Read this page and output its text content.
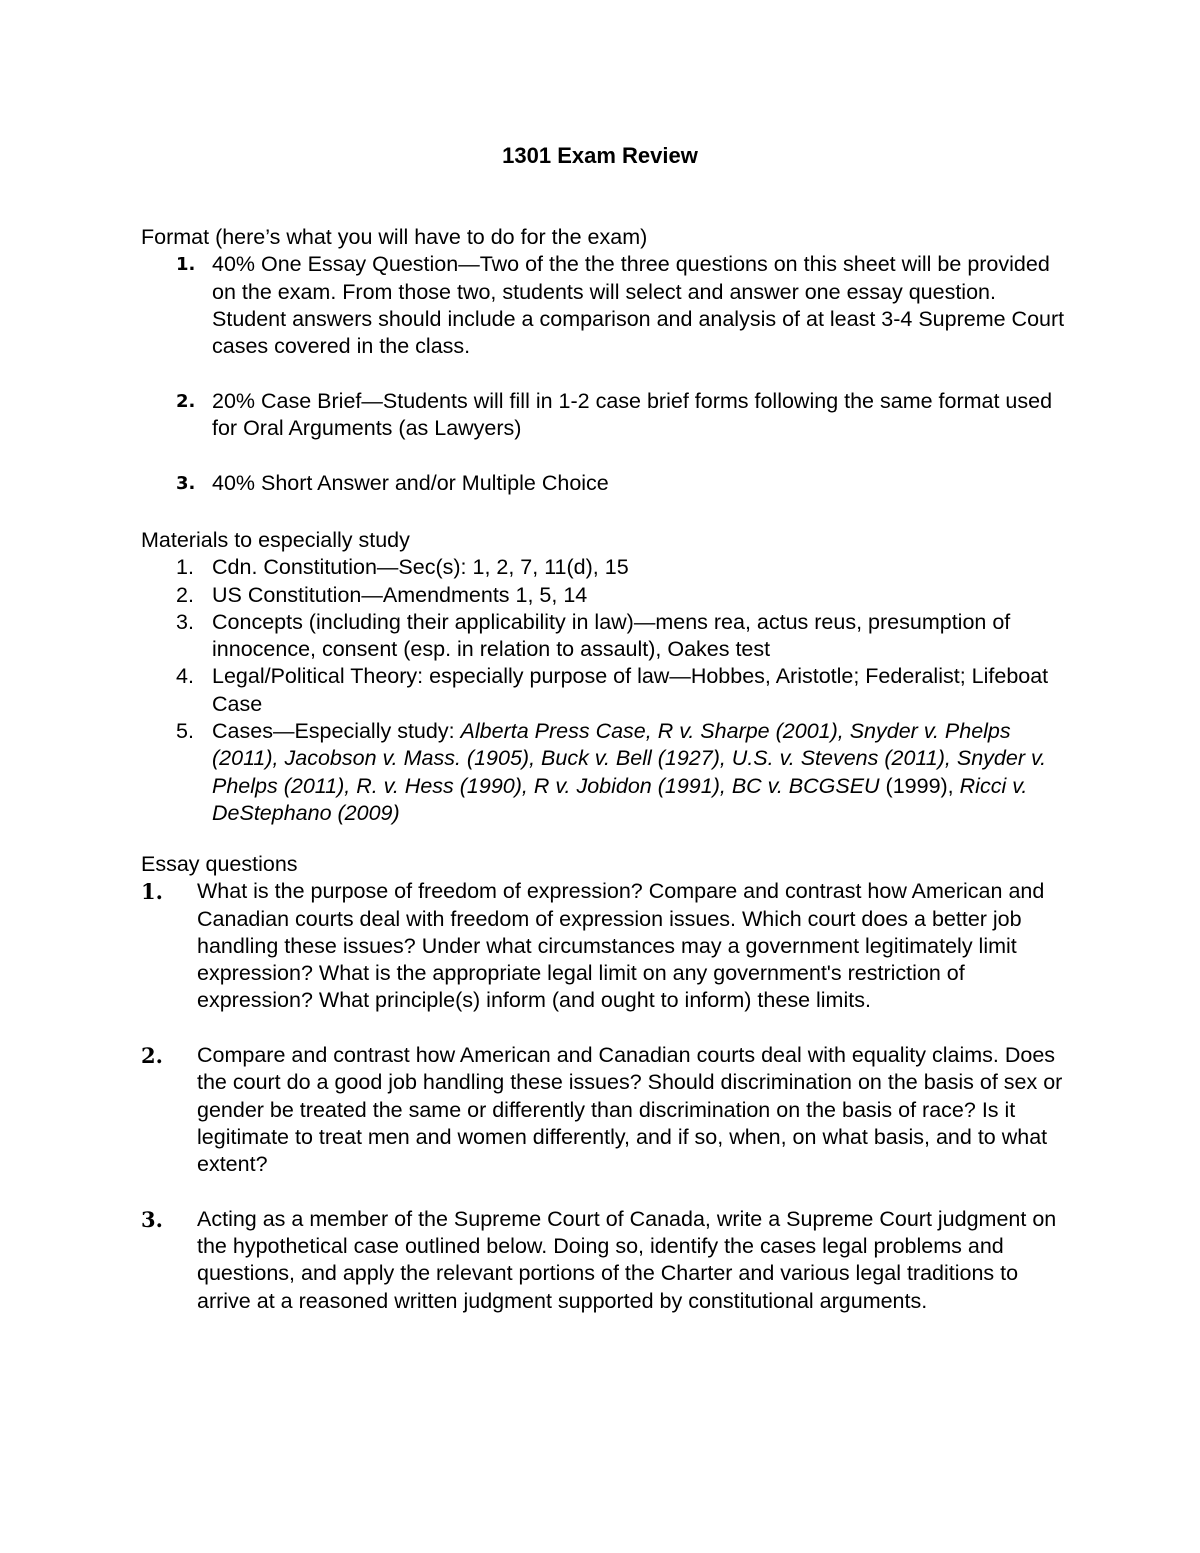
1301 Exam Review
Format (here’s what you will have to do for the exam)
1. 40% One Essay Question—Two of the the three questions on this sheet will be provided on the exam. From those two, students will select and answer one essay question. Student answers should include a comparison and analysis of at least 3-4 Supreme Court cases covered in the class.
2. 20% Case Brief—Students will fill in 1-2 case brief forms following the same format used for Oral Arguments (as Lawyers)
3. 40% Short Answer and/or Multiple Choice
Materials to especially study
1. Cdn. Constitution—Sec(s): 1, 2, 7, 11(d), 15
2. US Constitution—Amendments 1, 5, 14
3. Concepts (including their applicability in law)—mens rea, actus reus, presumption of innocence, consent (esp. in relation to assault), Oakes test
4. Legal/Political Theory: especially purpose of law—Hobbes, Aristotle; Federalist; Lifeboat Case
5. Cases—Especially study: Alberta Press Case, R v. Sharpe (2001), Snyder v. Phelps (2011), Jacobson v. Mass. (1905), Buck v. Bell (1927), U.S. v. Stevens (2011), Snyder v. Phelps (2011), R. v. Hess (1990), R v. Jobidon (1991), BC v. BCGSEU (1999), Ricci v. DeStephano (2009)
Essay questions
1. What is the purpose of freedom of expression? Compare and contrast how American and Canadian courts deal with freedom of expression issues. Which court does a better job handling these issues? Under what circumstances may a government legitimately limit expression? What is the appropriate legal limit on any government's restriction of expression? What principle(s) inform (and ought to inform) these limits.
2. Compare and contrast how American and Canadian courts deal with equality claims. Does the court do a good job handling these issues? Should discrimination on the basis of sex or gender be treated the same or differently than discrimination on the basis of race? Is it legitimate to treat men and women differently, and if so, when, on what basis, and to what extent?
3. Acting as a member of the Supreme Court of Canada, write a Supreme Court judgment on the hypothetical case outlined below. Doing so, identify the cases legal problems and questions, and apply the relevant portions of the Charter and various legal traditions to arrive at a reasoned written judgment supported by constitutional arguments.
